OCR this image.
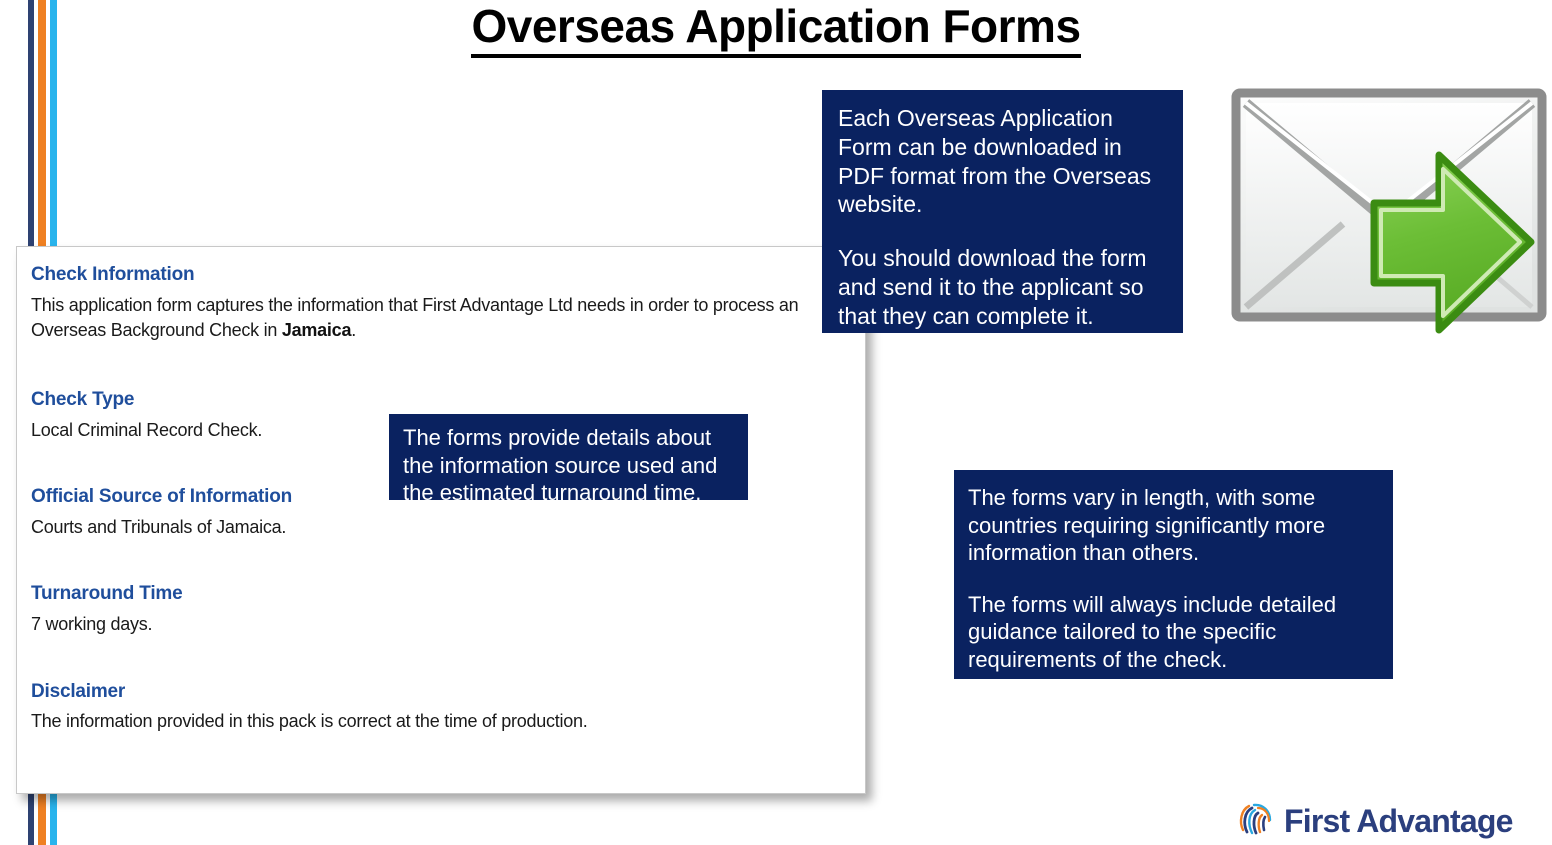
Overseas Application Forms
Check Information

This application form captures the information that First Advantage Ltd needs in order to process an Overseas Background Check in Jamaica.

Check Type

Local Criminal Record Check.

Official Source of Information

Courts and Tribunals of Jamaica.

Turnaround Time

7 working days.

Disclaimer

The information provided in this pack is correct at the time of production.

Each Overseas Application Form can be downloaded in PDF format from the Overseas website.

You should download the form and send it to the applicant so that they can complete it.

The forms provide details about the information source used and the estimated turnaround time.	The forms vary in length, with some countries requiring significantly more information than others.

The forms will always include detailed guidance tailored to the specific requirements of the check.

First Advantage
